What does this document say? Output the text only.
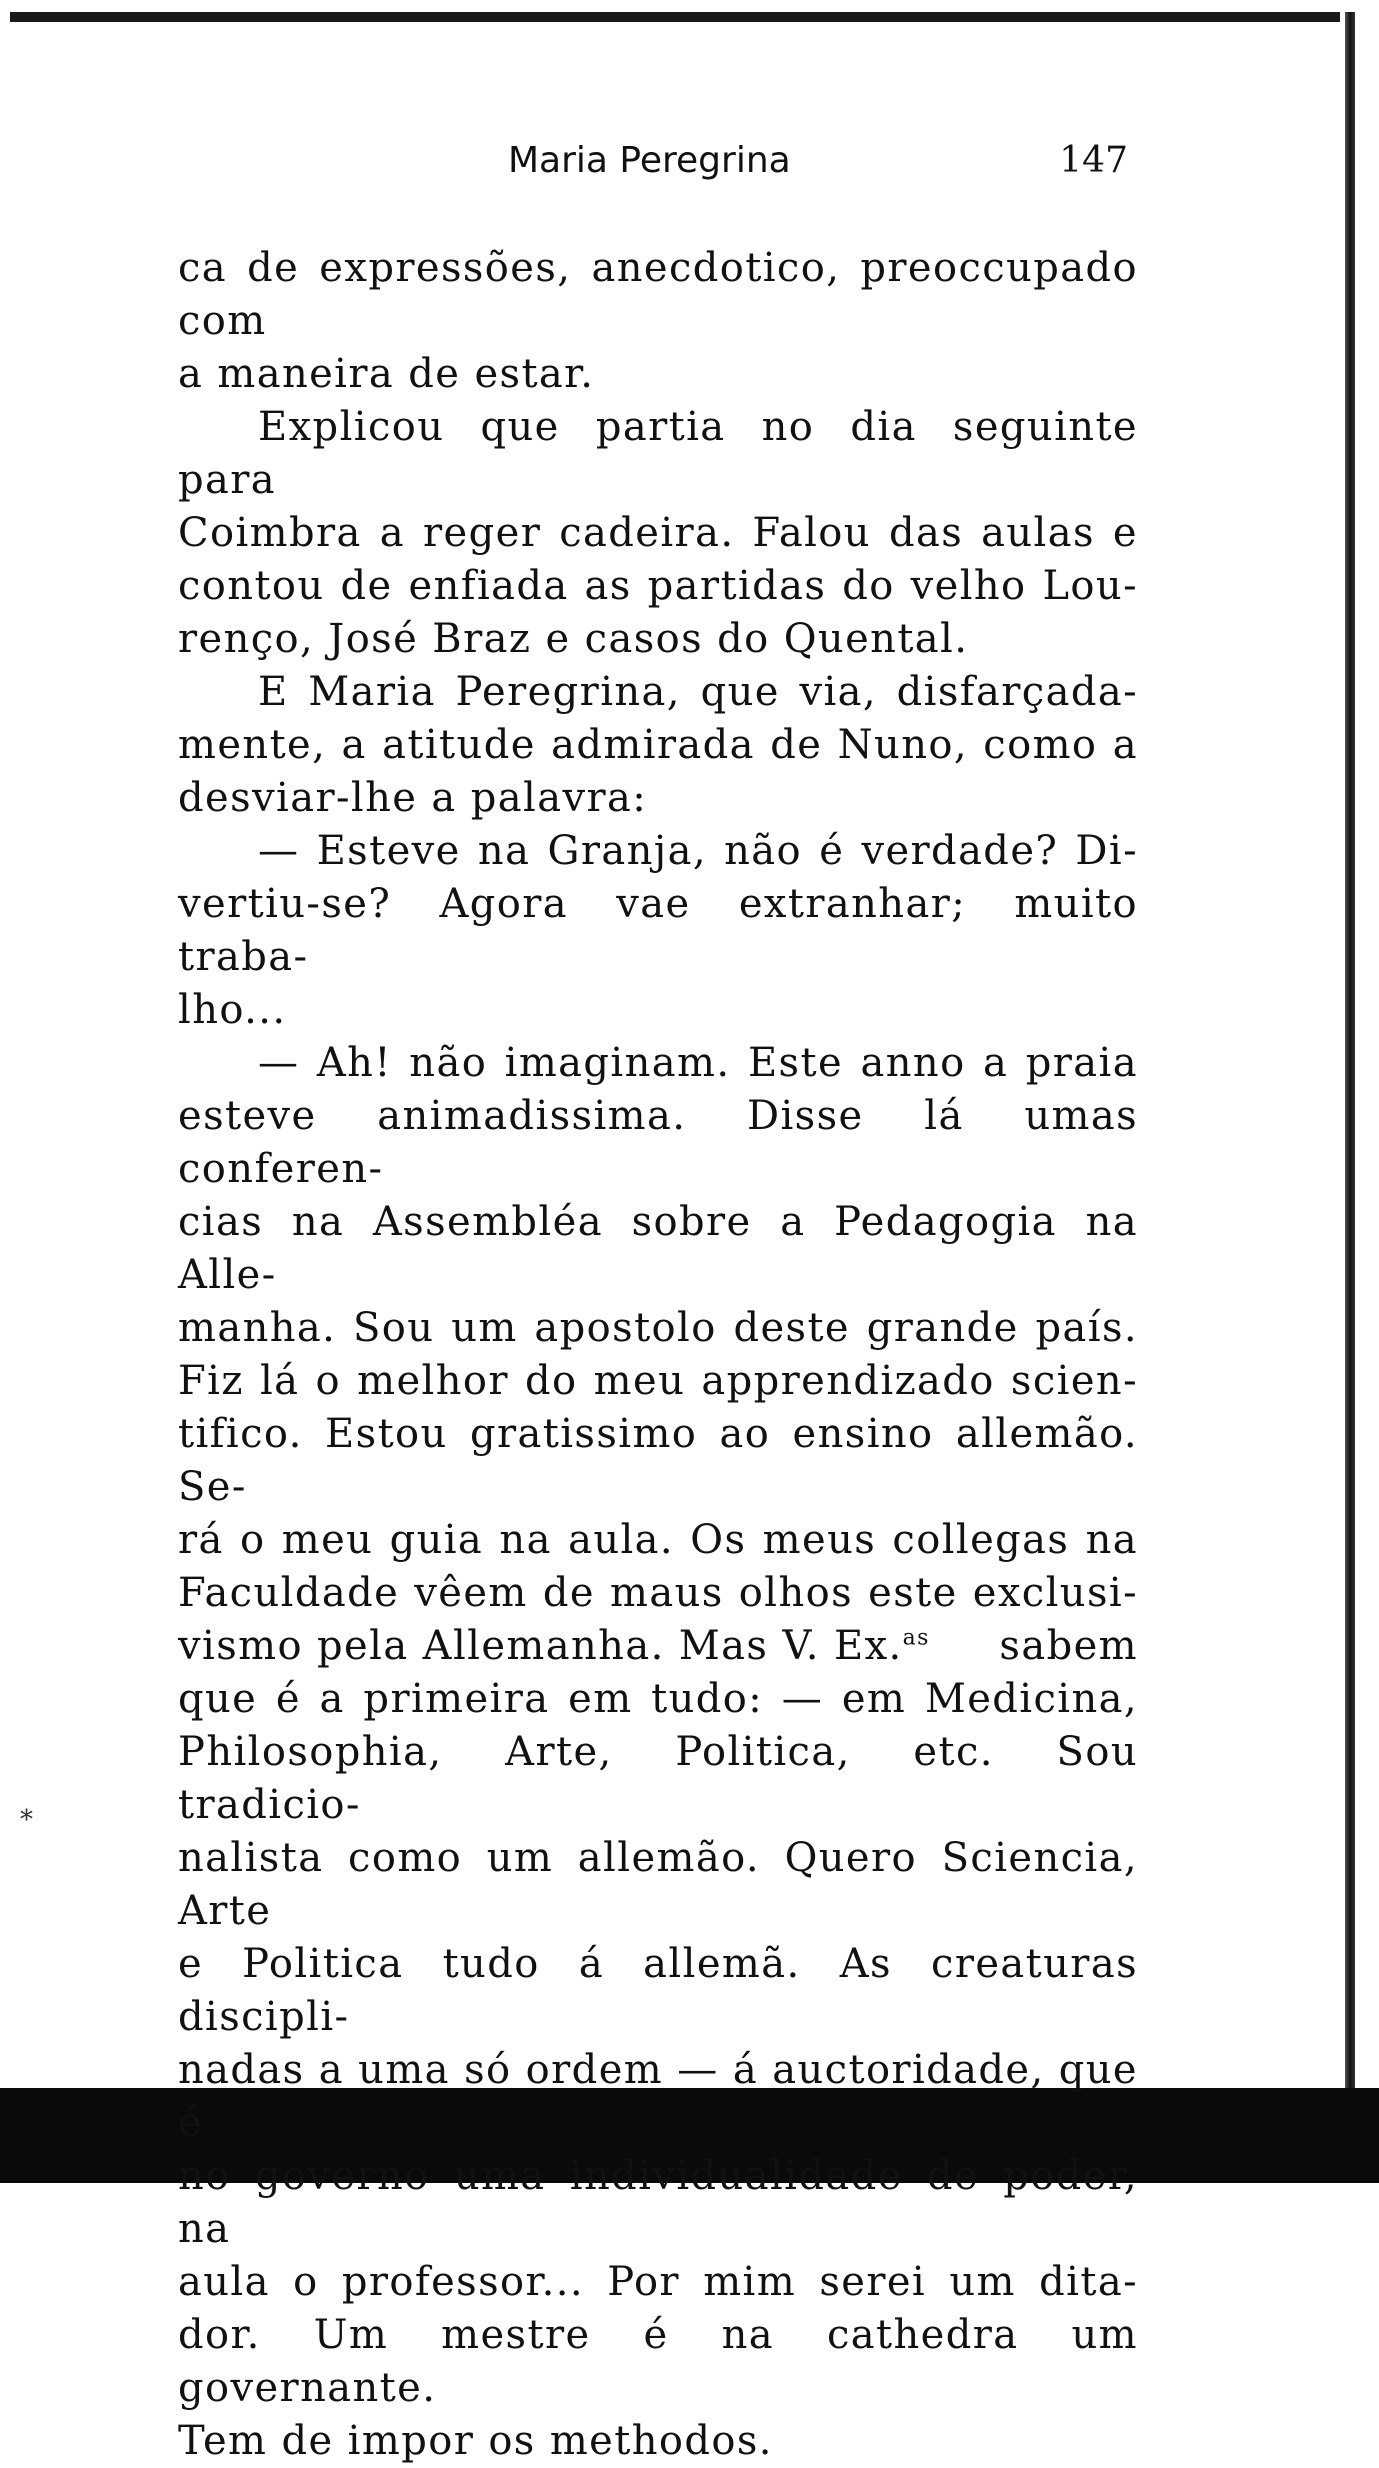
*
Maria Peregrina	147

ca de expressões, anecdotico, preoccupado com
a maneira de estar.

Explicou que partia no dia seguinte para
Coimbra a reger cadeira. Falou das aulas e
contou de enfiada as partidas do velho Lou-
renço, José Braz e casos do Quental.

E Maria Peregrina, que via, disfarçada-
mente, a atitude admirada de Nuno, como a
desviar-lhe a palavra:

— Esteve na Granja, não é verdade? Di-
vertiu-se? Agora vae extranhar; muito traba-
lho...

— Ah! não imaginam. Este anno a praia
esteve animadissima. Disse lá umas conferen-
cias na Assembléa sobre a Pedagogia na Alle-
manha. Sou um apostolo deste grande país.
Fiz lá o melhor do meu apprendizado scien-
tifico. Estou gratissimo ao ensino allemão. Se-
rá o meu guia na aula. Os meus collegas na
Faculdade vêem de maus olhos este exclusi-
vismo pela Allemanha. Mas V. Ex.$^{as}$ sabem
que é a primeira em tudo: — em Medicina,
Philosophia, Arte, Politica, etc. Sou tradicio-
nalista como um allemão. Quero Sciencia, Arte
e Politica tudo á allemã. As creaturas discipli-
nadas a uma só ordem — á auctoridade, que é
no governo uma individualidade de poder, na
aula o professor... Por mim serei um dita-
dor. Um mestre é na cathedra um governante.
Tem de impor os methodos.
